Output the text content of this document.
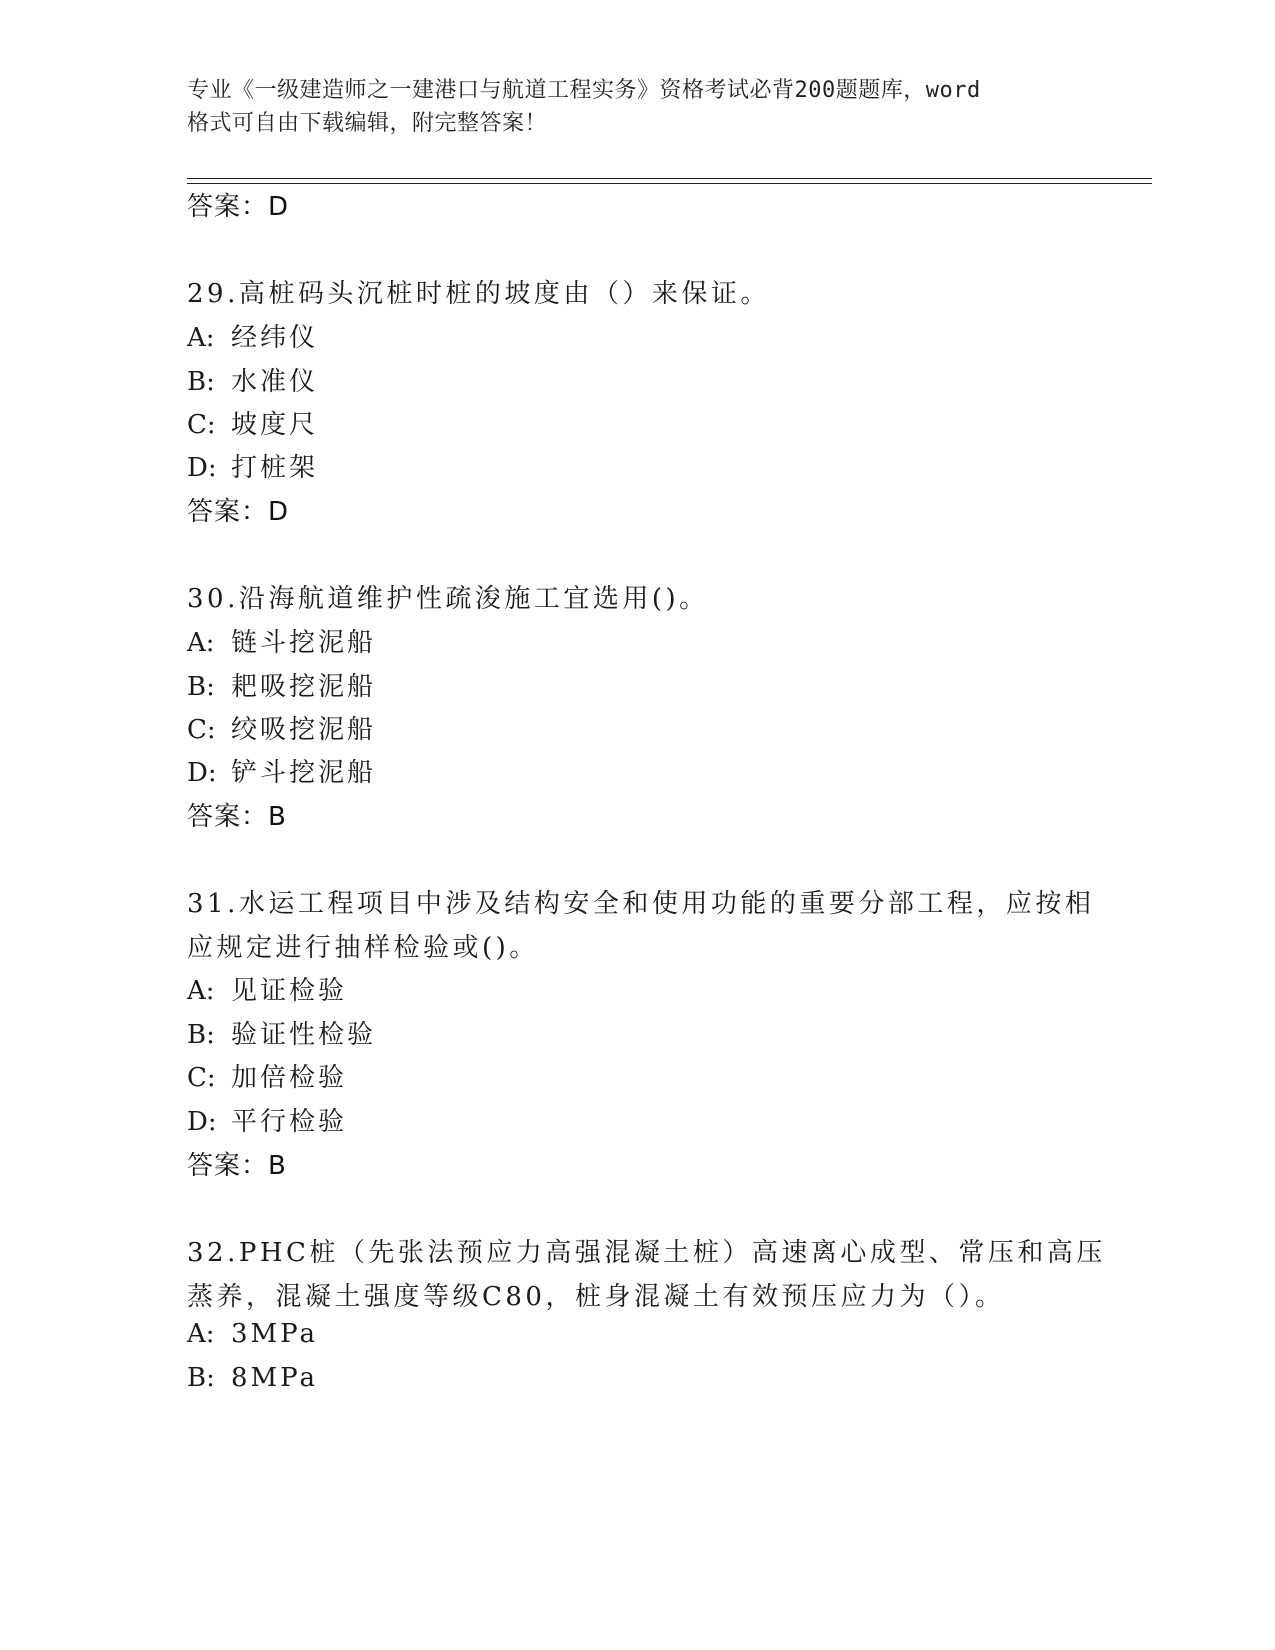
专业《一级建造师之一建港口与航道工程实务》资格考试必背200题题库，word
格式可自由下载编辑，附完整答案！
答案：D
29.高桩码头沉桩时桩的坡度由（）来保证。
A: 经纬仪
B: 水准仪
C: 坡度尺
D: 打桩架
答案：D
30.沿海航道维护性疏浚施工宜选用()。
A: 链斗挖泥船
B: 耙吸挖泥船
C: 绞吸挖泥船
D: 铲斗挖泥船
答案：B
31.水运工程项目中涉及结构安全和使用功能的重要分部工程，应按相
应规定进行抽样检验或()。
A: 见证检验
B: 验证性检验
C: 加倍检验
D: 平行检验
答案：B
32.PHC桩（先张法预应力高强混凝土桩）高速离心成型、常压和高压
蒸养，混凝土强度等级C80，桩身混凝土有效预压应力为（）。
A: 3MPa
B: 8MPa
